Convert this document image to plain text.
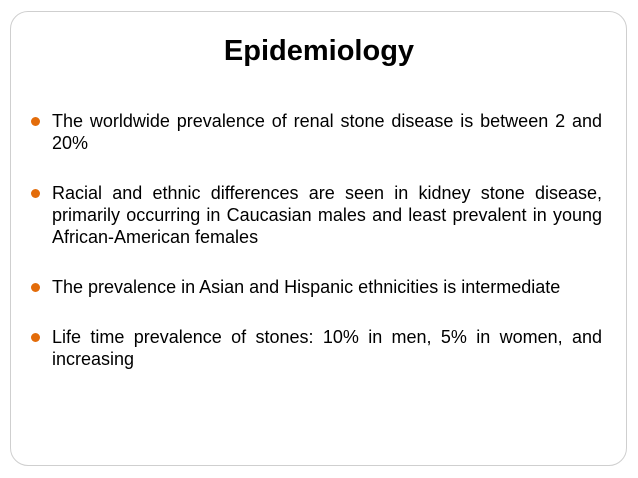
Epidemiology
The worldwide prevalence of renal stone disease is between 2 and 20%
Racial and ethnic differences are seen in kidney stone disease, primarily occurring in Caucasian males and least prevalent in young African-American females
The prevalence in Asian and Hispanic ethnicities is intermediate
Life time prevalence of stones: 10% in men, 5% in women, and increasing
